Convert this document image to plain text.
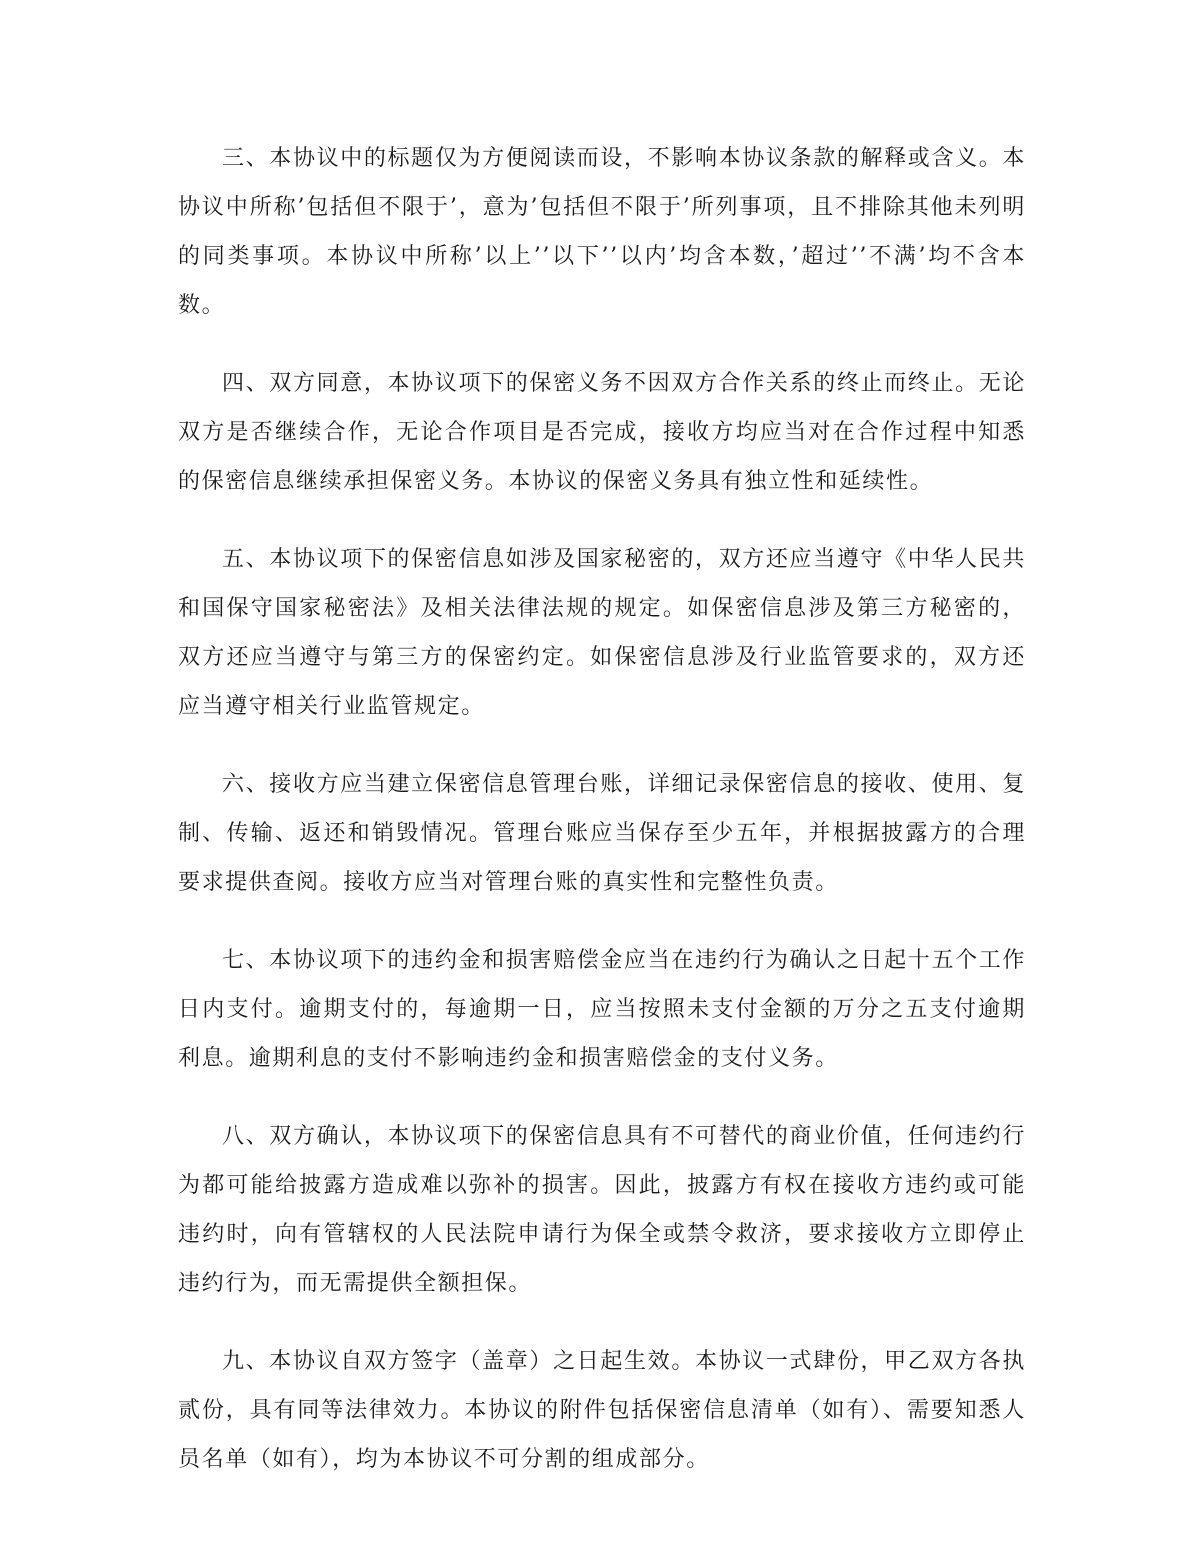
三、本协议中的标题仅为方便阅读而设，不影响本协议条款的解释或含义。本协议中所称’包括但不限于’，意为’包括但不限于’所列事项，且不排除其他未列明的同类事项。本协议中所称’以上’’以下’’以内’均含本数，’超过’’不满’均不含本数。

四、双方同意，本协议项下的保密义务不因双方合作关系的终止而终止。无论双方是否继续合作，无论合作项目是否完成，接收方均应当对在合作过程中知悉的保密信息继续承担保密义务。本协议的保密义务具有独立性和延续性。

五、本协议项下的保密信息如涉及国家秘密的，双方还应当遵守《中华人民共和国保守国家秘密法》及相关法律法规的规定。如保密信息涉及第三方秘密的，双方还应当遵守与第三方的保密约定。如保密信息涉及行业监管要求的，双方还应当遵守相关行业监管规定。

六、接收方应当建立保密信息管理台账，详细记录保密信息的接收、使用、复制、传输、返还和销毁情况。管理台账应当保存至少五年，并根据披露方的合理要求提供查阅。接收方应当对管理台账的真实性和完整性负责。

七、本协议项下的违约金和损害赔偿金应当在违约行为确认之日起十五个工作日内支付。逾期支付的，每逾期一日，应当按照未支付金额的万分之五支付逾期利息。逾期利息的支付不影响违约金和损害赔偿金的支付义务。

八、双方确认，本协议项下的保密信息具有不可替代的商业价值，任何违约行为都可能给披露方造成难以弥补的损害。因此，披露方有权在接收方违约或可能违约时，向有管辖权的人民法院申请行为保全或禁令救济，要求接收方立即停止违约行为，而无需提供全额担保。

九、本协议自双方签字（盖章）之日起生效。本协议一式肆份，甲乙双方各执贰份，具有同等法律效力。本协议的附件包括保密信息清单（如有）、需要知悉人员名单（如有），均为本协议不可分割的组成部分。
